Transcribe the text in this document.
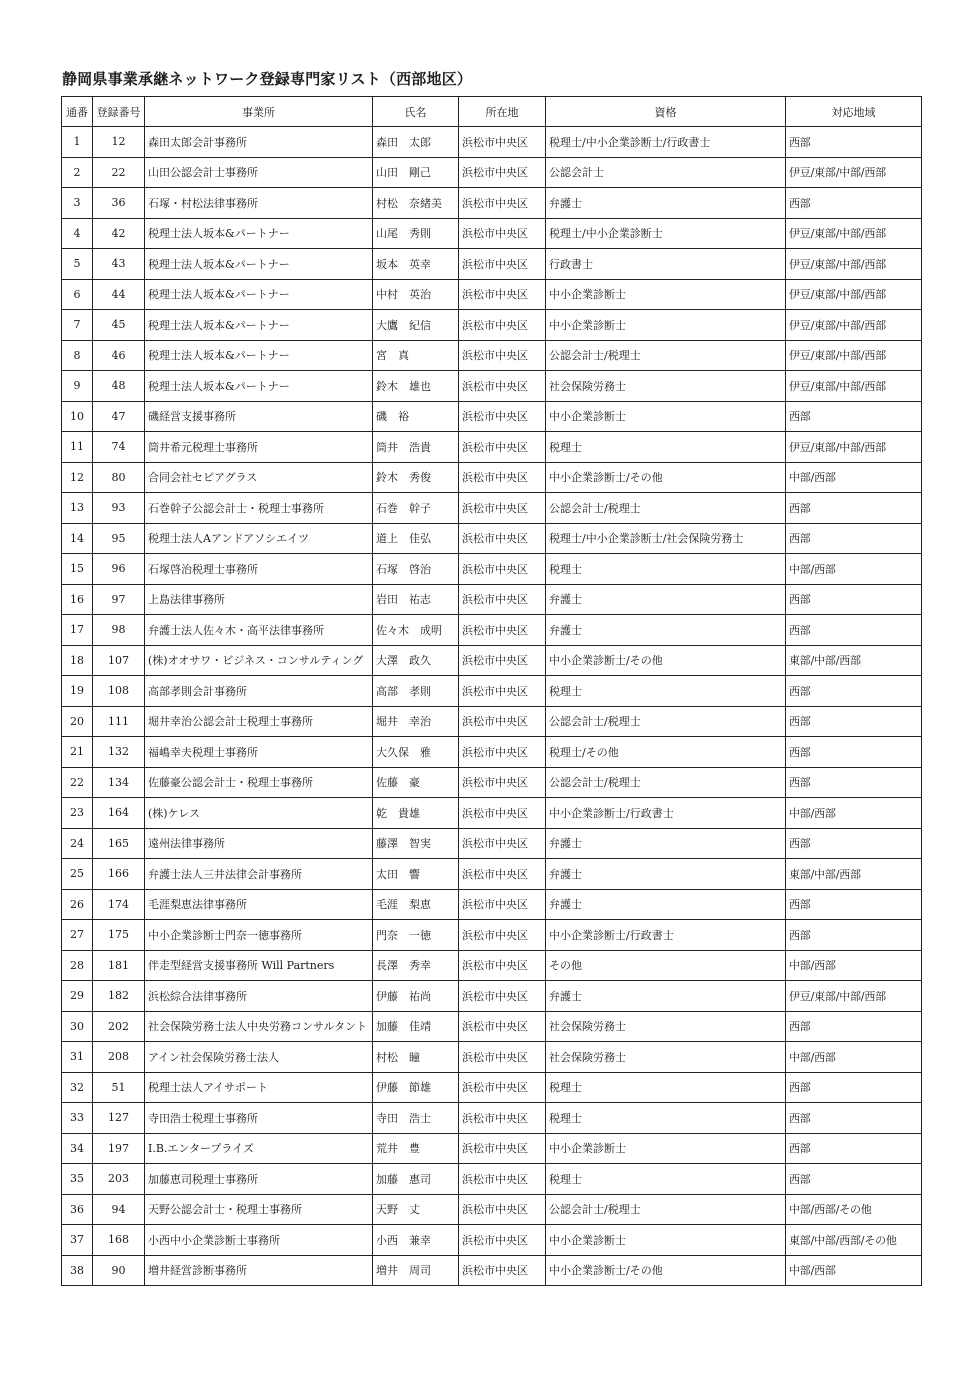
静岡県事業承継ネットワーク登録専門家リスト（西部地区）
通番	登録番号	事業所	氏名	所在地	資格	対応地域
1	12	森田太郎会計事務所	森田　太郎	浜松市中央区	税理士/中小企業診断士/行政書士	西部
2	22	山田公認会計士事務所	山田　剛己	浜松市中央区	公認会計士	伊豆/東部/中部/西部
3	36	石塚・村松法律事務所	村松　奈緒美	浜松市中央区	弁護士	西部
4	42	税理士法人坂本&パートナー	山尾　秀則	浜松市中央区	税理士/中小企業診断士	伊豆/東部/中部/西部
5	43	税理士法人坂本&パートナー	坂本　英幸	浜松市中央区	行政書士	伊豆/東部/中部/西部
6	44	税理士法人坂本&パートナー	中村　英治	浜松市中央区	中小企業診断士	伊豆/東部/中部/西部
7	45	税理士法人坂本&パートナー	大鷹　紀信	浜松市中央区	中小企業診断士	伊豆/東部/中部/西部
8	46	税理士法人坂本&パートナー	宮　真	浜松市中央区	公認会計士/税理士	伊豆/東部/中部/西部
9	48	税理士法人坂本&パートナー	鈴木　雄也	浜松市中央区	社会保険労務士	伊豆/東部/中部/西部
10	47	磯経営支援事務所	磯　裕	浜松市中央区	中小企業診断士	西部
11	74	筒井希元税理士事務所	筒井　浩貴	浜松市中央区	税理士	伊豆/東部/中部/西部
12	80	合同会社セピアグラス	鈴木　秀俊	浜松市中央区	中小企業診断士/その他	中部/西部
13	93	石巻幹子公認会計士・税理士事務所	石巻　幹子	浜松市中央区	公認会計士/税理士	西部
14	95	税理士法人Aアンドアソシエイツ	道上　佳弘	浜松市中央区	税理士/中小企業診断士/社会保険労務士	西部
15	96	石塚啓治税理士事務所	石塚　啓治	浜松市中央区	税理士	中部/西部
16	97	上島法律事務所	岩田　祐志	浜松市中央区	弁護士	西部
17	98	弁護士法人佐々木・高平法律事務所	佐々木　成明	浜松市中央区	弁護士	西部
18	107	(株)オオサワ・ビジネス・コンサルティング	大澤　政久	浜松市中央区	中小企業診断士/その他	東部/中部/西部
19	108	高部孝則会計事務所	高部　孝則	浜松市中央区	税理士	西部
20	111	堀井幸治公認会計士税理士事務所	堀井　幸治	浜松市中央区	公認会計士/税理士	西部
21	132	福嶋幸夫税理士事務所	大久保　雅	浜松市中央区	税理士/その他	西部
22	134	佐藤豪公認会計士・税理士事務所	佐藤　豪	浜松市中央区	公認会計士/税理士	西部
23	164	(株)ケレス	乾　貴雄	浜松市中央区	中小企業診断士/行政書士	中部/西部
24	165	遠州法律事務所	藤澤　智実	浜松市中央区	弁護士	西部
25	166	弁護士法人三井法律会計事務所	太田　響	浜松市中央区	弁護士	東部/中部/西部
26	174	毛涯梨恵法律事務所	毛涯　梨恵	浜松市中央区	弁護士	西部
27	175	中小企業診断士門奈一徳事務所	門奈　一徳	浜松市中央区	中小企業診断士/行政書士	西部
28	181	伴走型経営支援事務所 Will Partners	長澤　秀幸	浜松市中央区	その他	中部/西部
29	182	浜松綜合法律事務所	伊藤　祐尚	浜松市中央区	弁護士	伊豆/東部/中部/西部
30	202	社会保険労務士法人中央労務コンサルタント	加藤　佳靖	浜松市中央区	社会保険労務士	西部
31	208	アイン社会保険労務士法人	村松　瞳	浜松市中央区	社会保険労務士	中部/西部
32	51	税理士法人アイサポート	伊藤　節雄	浜松市中央区	税理士	西部
33	127	寺田浩士税理士事務所	寺田　浩士	浜松市中央区	税理士	西部
34	197	I.B.エンタープライズ	荒井　豊	浜松市中央区	中小企業診断士	西部
35	203	加藤恵司税理士事務所	加藤　惠司	浜松市中央区	税理士	西部
36	94	天野公認会計士・税理士事務所	天野　丈	浜松市中央区	公認会計士/税理士	中部/西部/その他
37	168	小西中小企業診断士事務所	小西　兼幸	浜松市中央区	中小企業診断士	東部/中部/西部/その他
38	90	増井経営診断事務所	増井　周司	浜松市中央区	中小企業診断士/その他	中部/西部
